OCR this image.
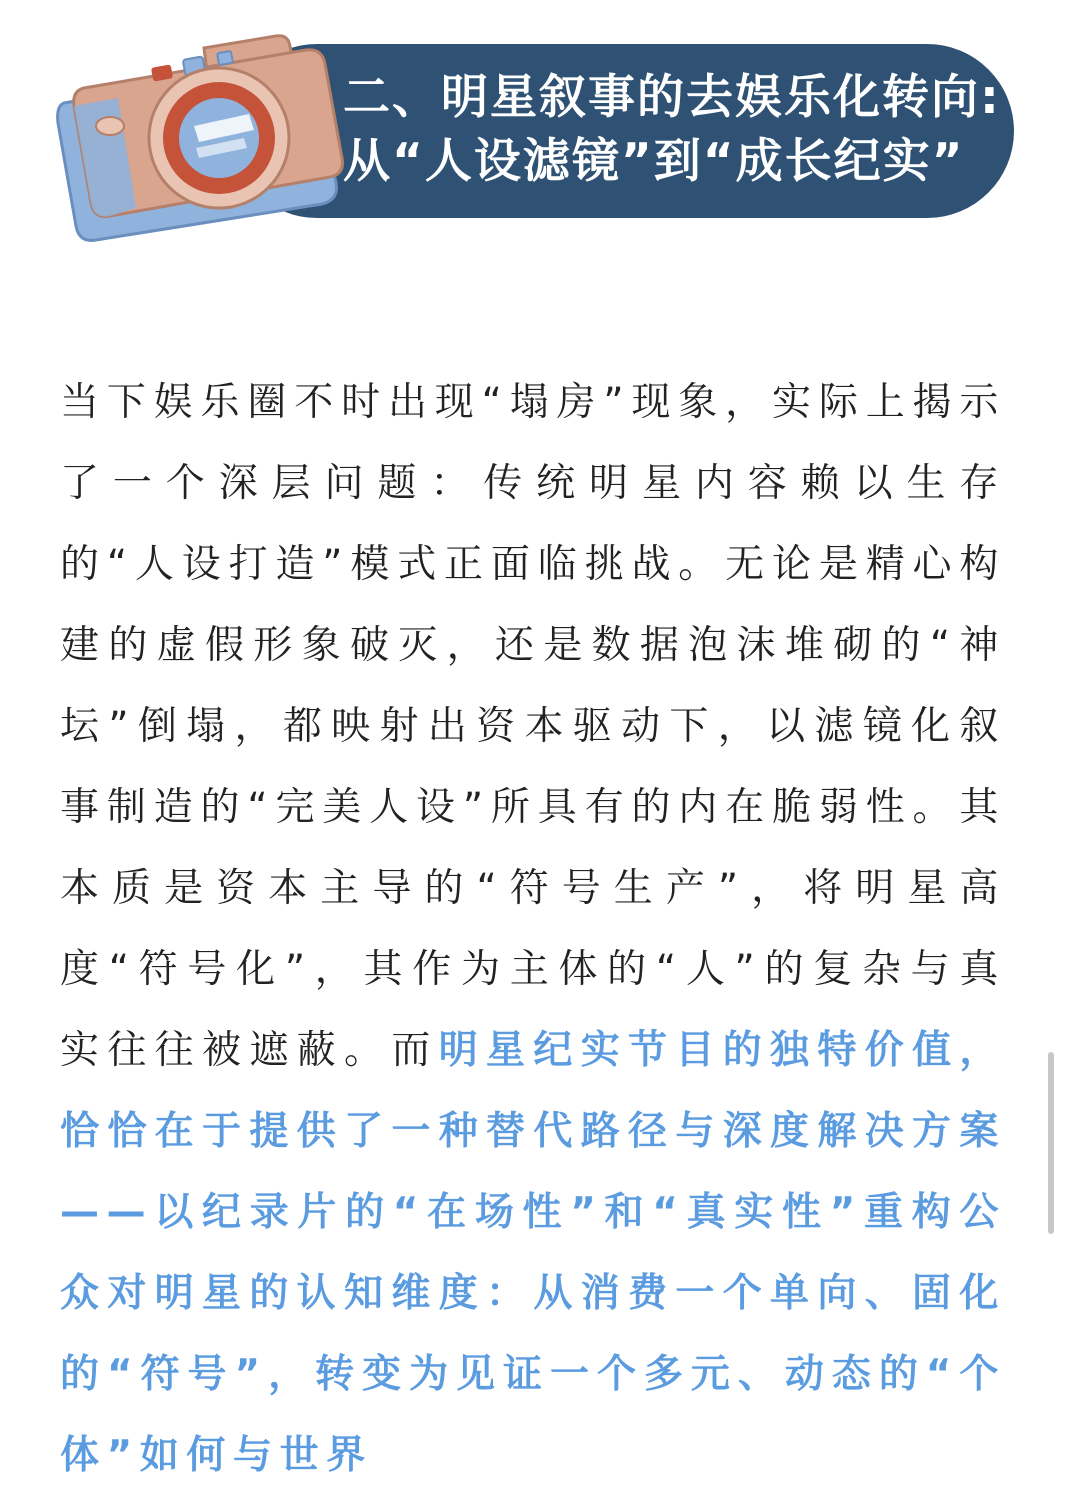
二、明星叙事的去娱乐化转向:
从“人设滤镜”到“成长纪实”
当下娱乐圈不时出现“塌房”现象，实际上揭示了一个深层问题：传统明星内容赖以生存的“人设打造”模式正面临挑战。无论是精心构建的虚假形象破灭，还是数据泡沫堆砌的“神坛”倒塌，都映射出资本驱动下，以滤镜化叙事制造的“完美人设”所具有的内在脆弱性。其本质是资本主导的“符号生产”，将明星高度“符号化”，其作为主体的“人”的复杂与真实往往被遮蔽。而明星纪实节目的独特价值，恰恰在于提供了一种替代路径与深度解决方案——以纪录片的“在场性”和“真实性”重构公众对明星的认知维度：从消费一个单向、固化的“符号”，转变为见证一个多元、动态的“个体”如何与世界
